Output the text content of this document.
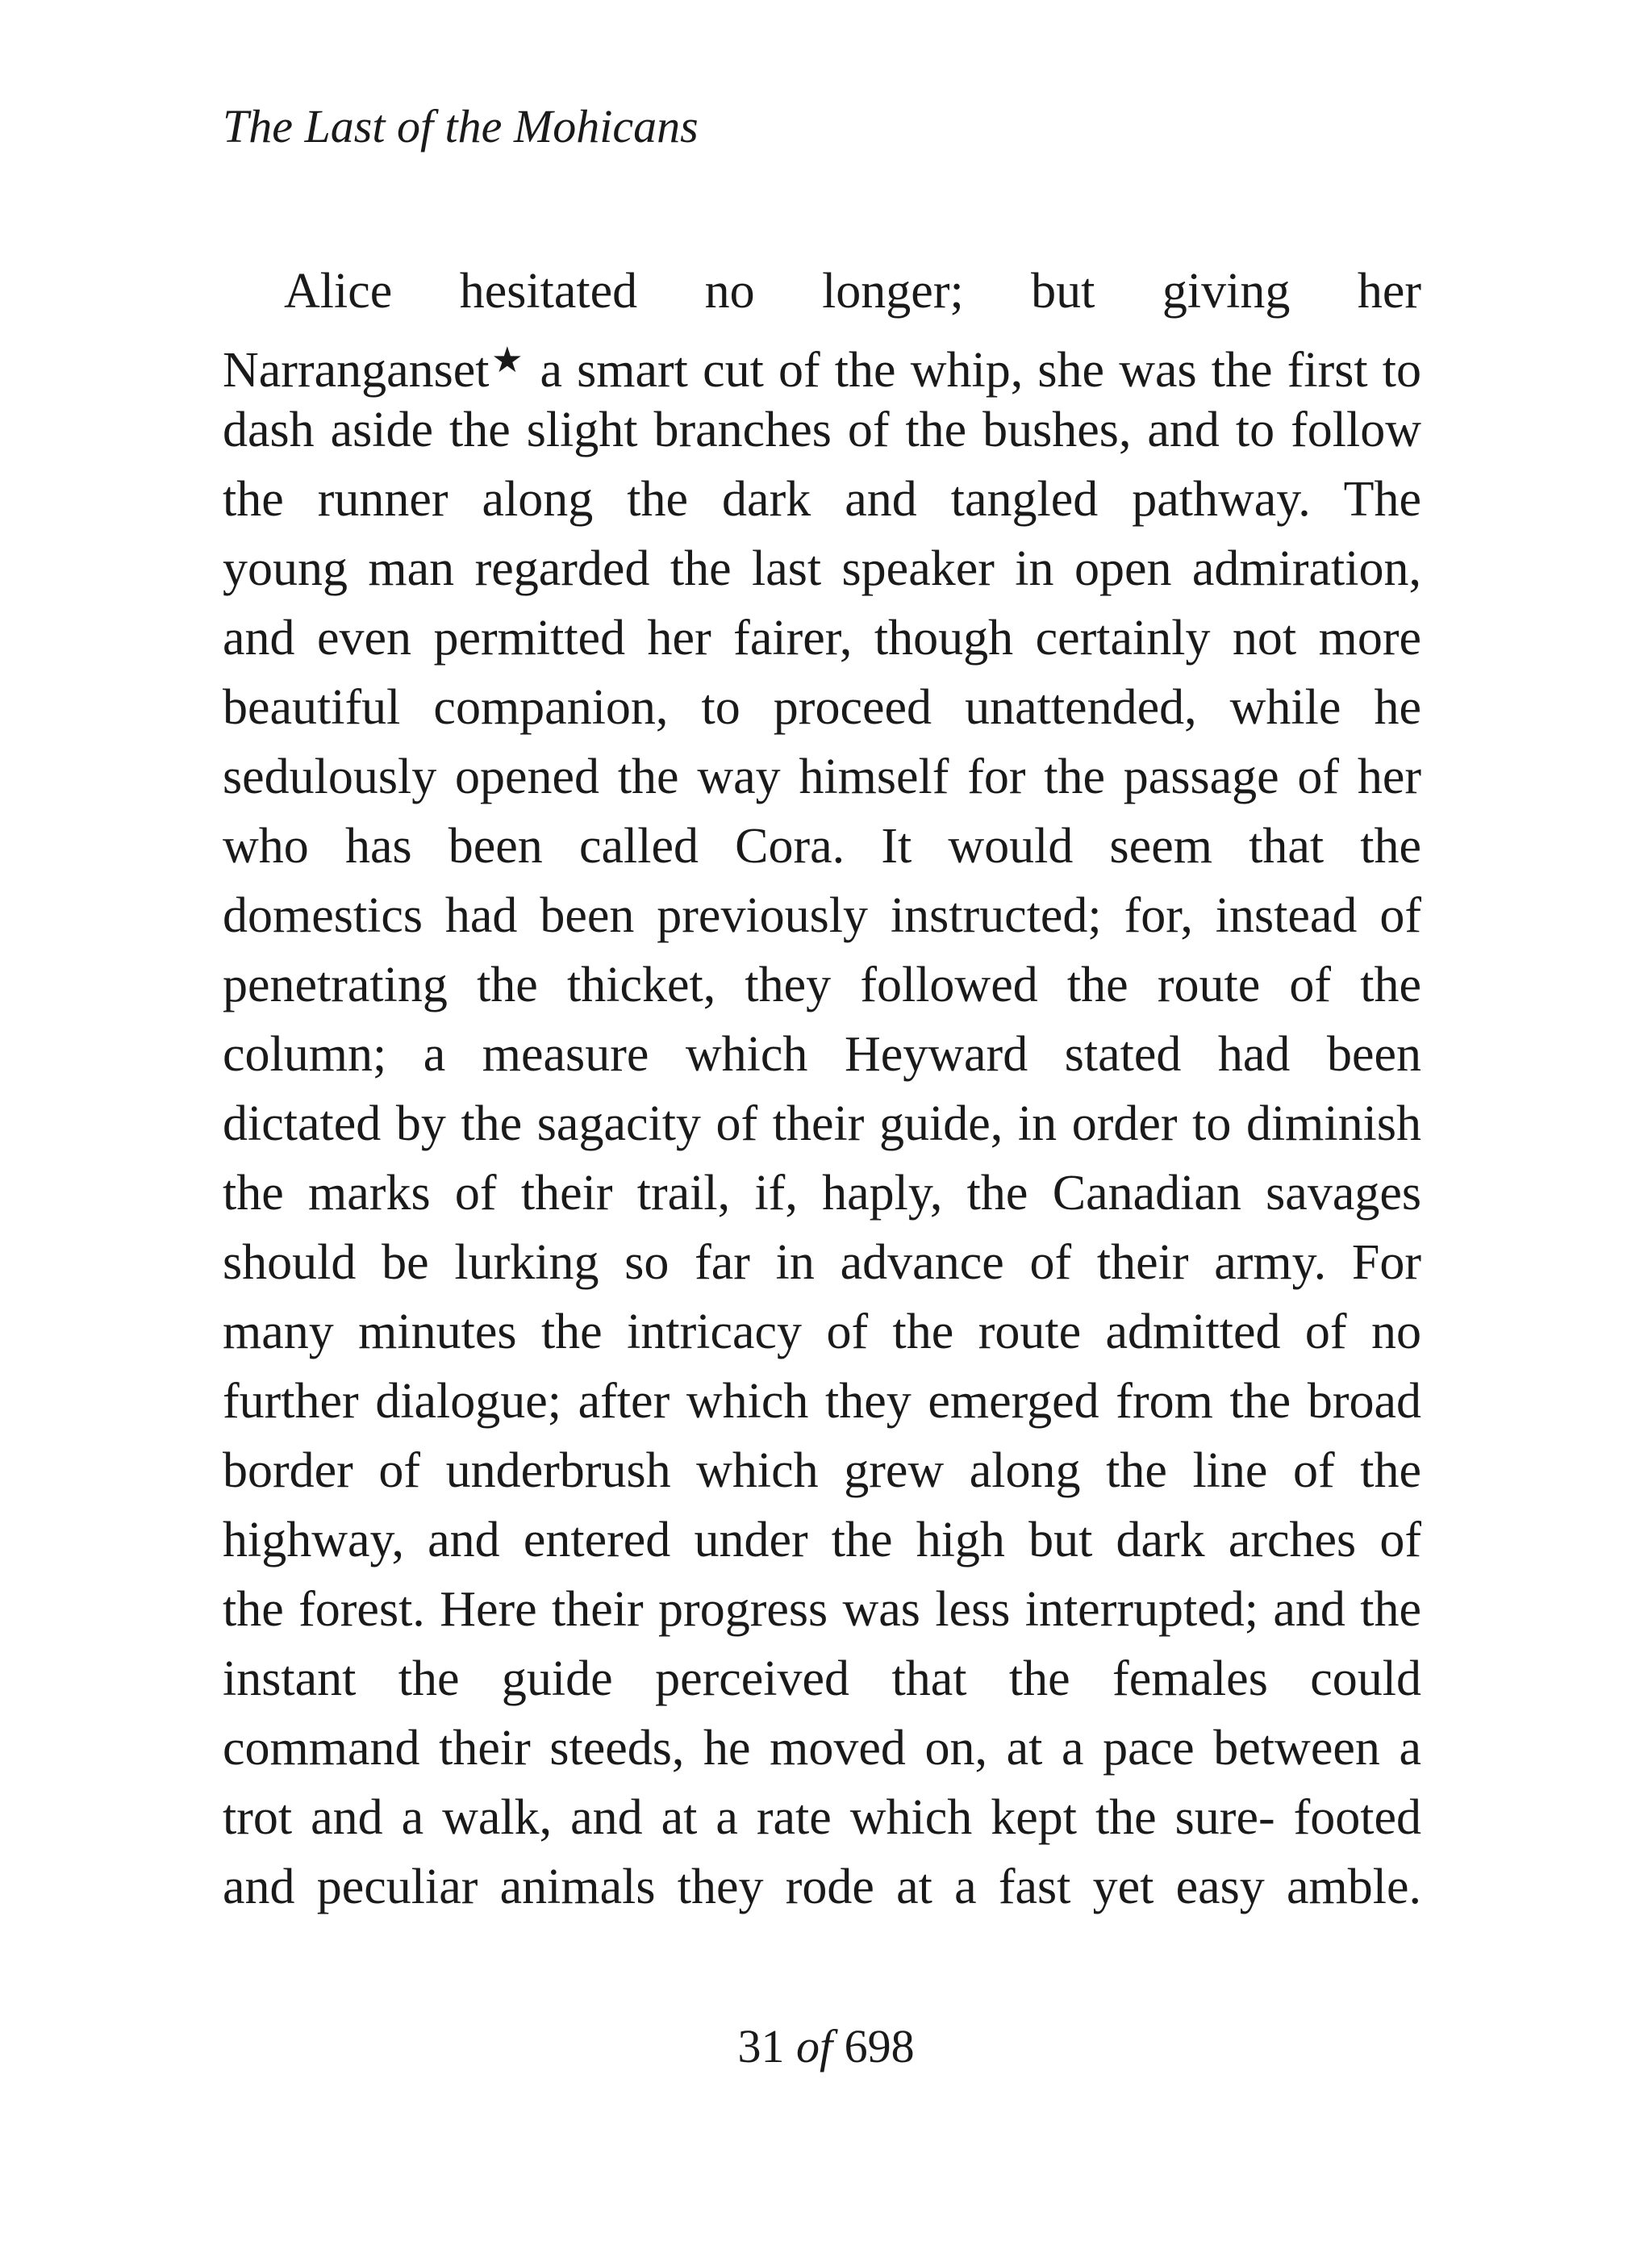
The Last of the Mohicans
Alice hesitated no longer; but giving her
Narranganset★ a smart cut of the whip, she was the first to
dash aside the slight branches of the bushes, and to follow
the runner along the dark and tangled pathway. The
young man regarded the last speaker in open admiration,
and even permitted her fairer, though certainly not more
beautiful companion, to proceed unattended, while he
sedulously opened the way himself for the passage of her
who has been called Cora. It would seem that the
domestics had been previously instructed; for, instead of
penetrating the thicket, they followed the route of the
column; a measure which Heyward stated had been
dictated by the sagacity of their guide, in order to diminish
the marks of their trail, if, haply, the Canadian savages
should be lurking so far in advance of their army. For
many minutes the intricacy of the route admitted of no
further dialogue; after which they emerged from the broad
border of underbrush which grew along the line of the
highway, and entered under the high but dark arches of
the forest. Here their progress was less interrupted; and the
instant the guide perceived that the females could
command their steeds, he moved on, at a pace between a
trot and a walk, and at a rate which kept the sure- footed
and peculiar animals they rode at a fast yet easy amble.
31 of 698
